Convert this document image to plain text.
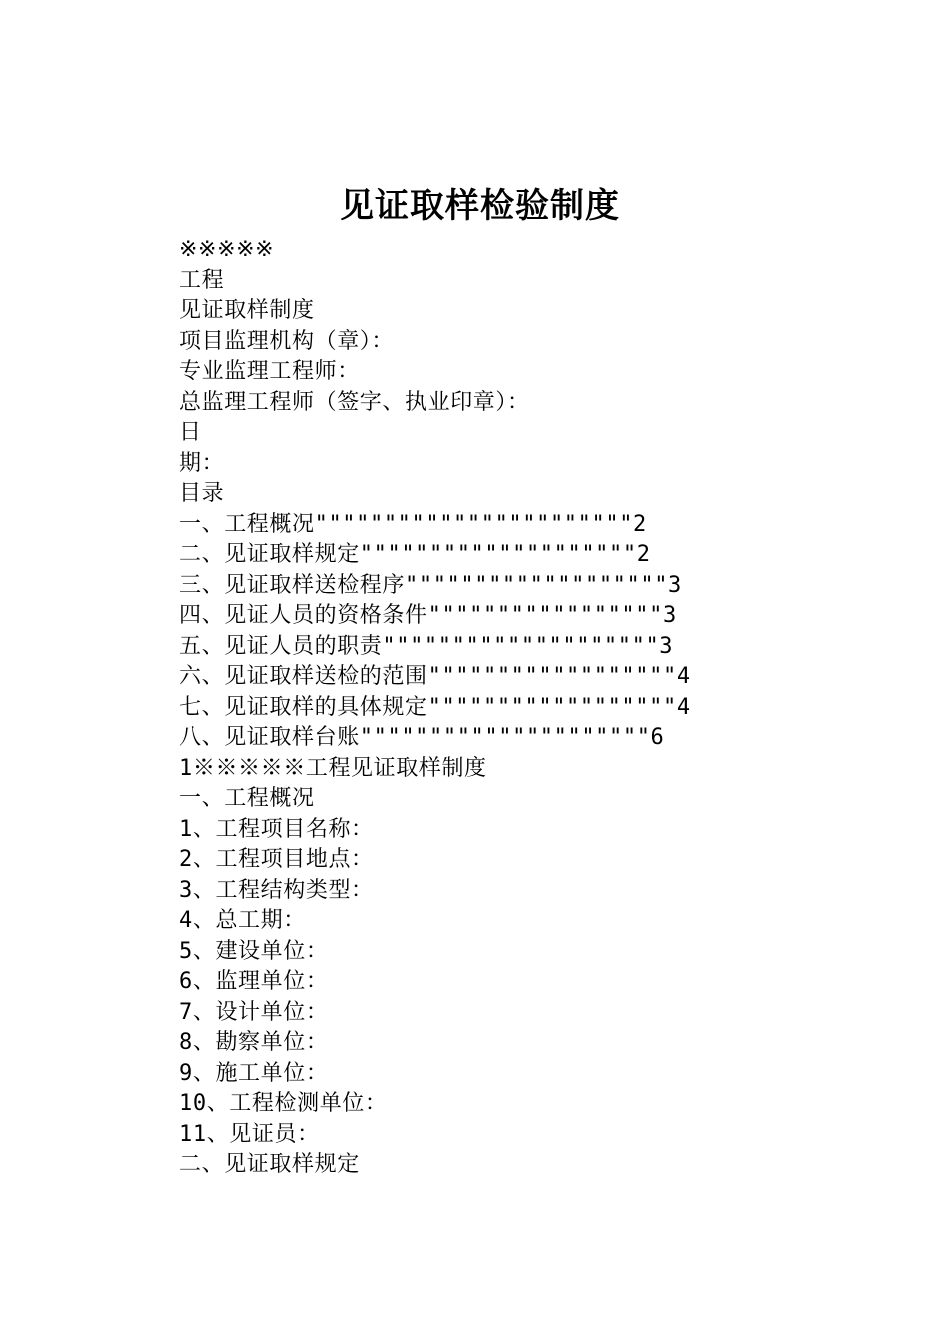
见证取样检验制度
※※※※※
工程
见证取样制度
项目监理机构（章）：
专业监理工程师：
总监理工程师（签字、执业印章）：
日
期：
目录
一、工程概况"""""""""""""""""""""""2
二、见证取样规定""""""""""""""""""""2
三、见证取样送检程序"""""""""""""""""""3
四、见证人员的资格条件"""""""""""""""""3
五、见证人员的职责""""""""""""""""""""3
六、见证取样送检的范围""""""""""""""""""4
七、见证取样的具体规定""""""""""""""""""4
八、见证取样台账"""""""""""""""""""""6
1※※※※※工程见证取样制度
一、工程概况
1、工程项目名称：
2、工程项目地点：
3、工程结构类型：
4、总工期：
5、建设单位：
6、监理单位：
7、设计单位：
8、勘察单位：
9、施工单位：
10、工程检测单位：
11、见证员：
二、见证取样规定
